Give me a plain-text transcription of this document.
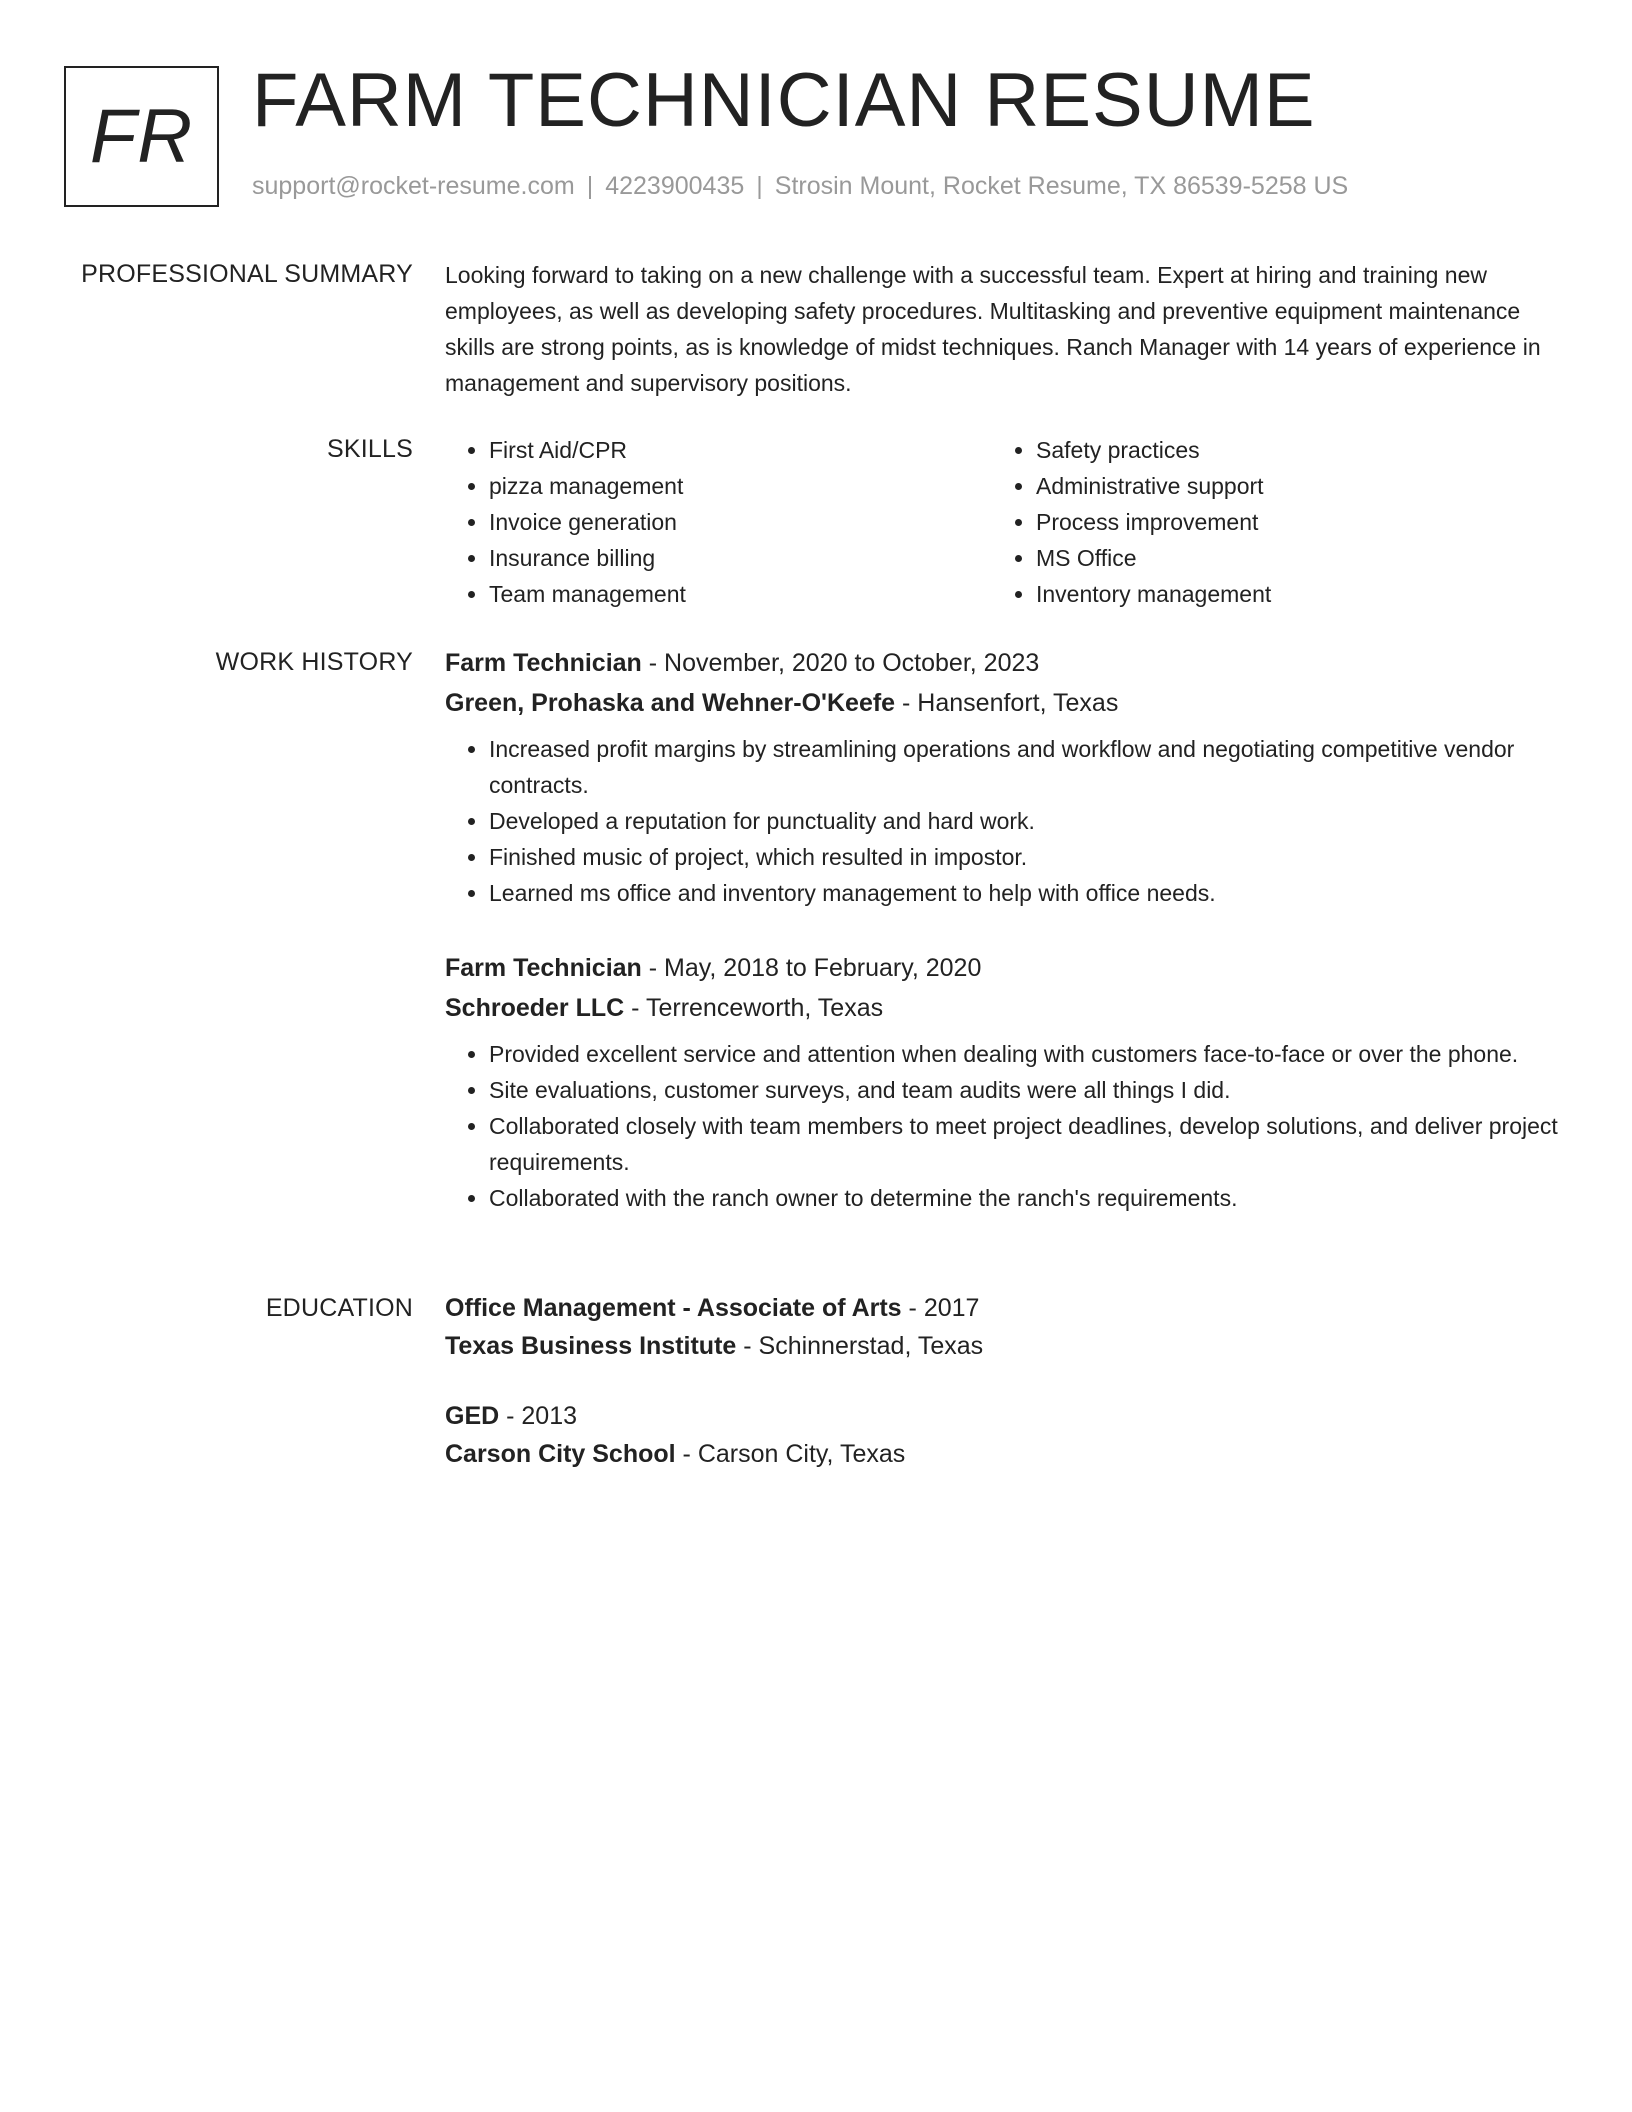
FR FARM TECHNICIAN RESUME
support@rocket-resume.com | 4223900435 | Strosin Mount, Rocket Resume, TX 86539-5258 US
PROFESSIONAL SUMMARY Looking forward to taking on a new challenge with a successful team. Expert at hiring and training new employees, as well as developing safety procedures. Multitasking and preventive equipment maintenance skills are strong points, as is knowledge of midst techniques. Ranch Manager with 14 years of experience in management and supervisory positions.

SKILLS
•	First Aid/CPR
• pizza management
• Invoice generation
• Insurance billing
• Team management
• Safety practices
• Administrative support
• Process improvement
• MS Office
• Inventory management
WORK HISTORY Farm Technician - November, 2020 to October, 2023
Green, Prohaska and Wehner-O'Keefe - Hansenfort, Texas
• Increased profit margins by streamlining operations and workflow and negotiating competitive vendor contracts.
• Developed a reputation for punctuality and hard work.
• Finished music of project, which resulted in impostor.
• Learned ms office and inventory management to help with office needs.
Farm Technician - May, 2018 to February, 2020
Schroeder LLC - Terrenceworth, Texas
• Provided excellent service and attention when dealing with customers face-to-face or over the phone.
• Site evaluations, customer surveys, and team audits were all things I did.
• Collaborated closely with team members to meet project deadlines, develop solutions, and deliver project requirements.
• Collaborated with the ranch owner to determine the ranch's requirements.
EDUCATION Office Management - Associate of Arts - 2017
Texas Business Institute - Schinnerstad, Texas
GED - 2013
Carson City School - Carson City, Texas
